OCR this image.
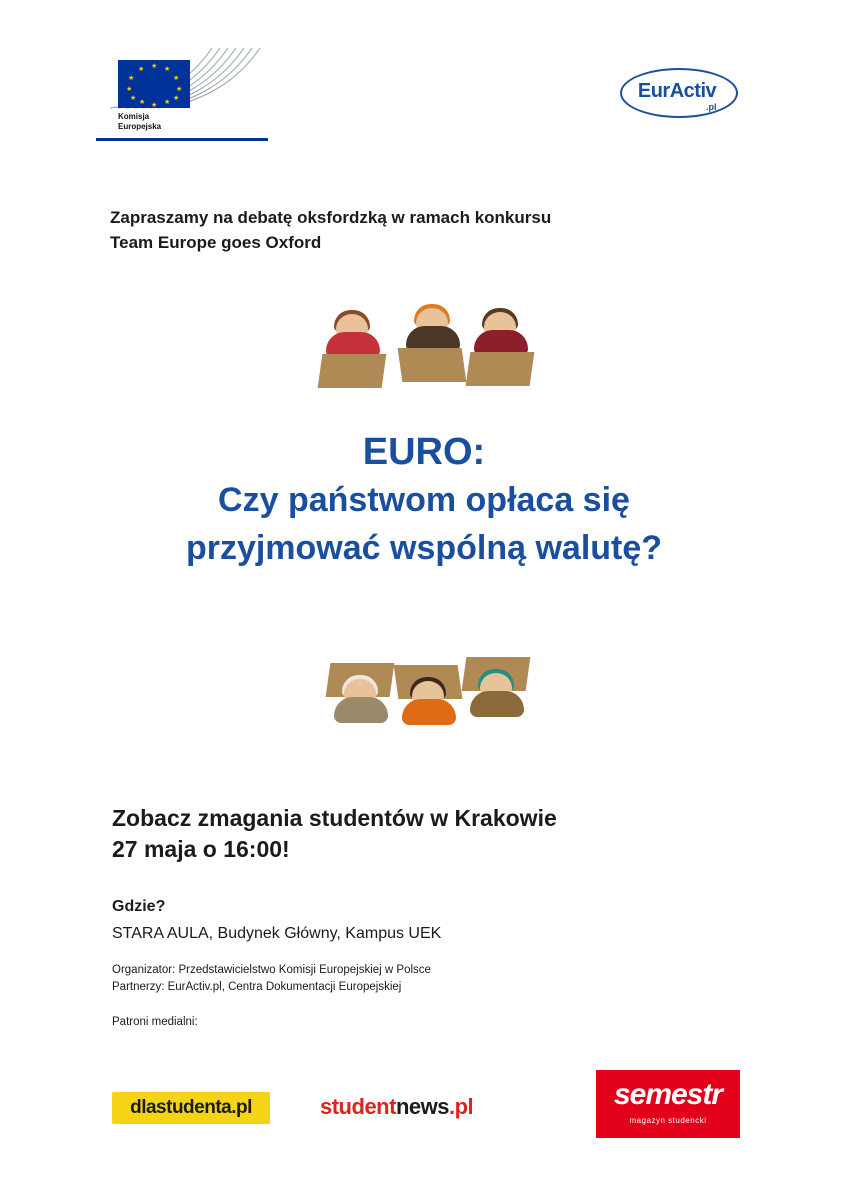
★ ★
★
★
★
★
★
★
★
★
★
★
Komisja
Europejska
EurActiv
.pl
Zapraszamy na debatę oksfordzką w ramach konkursu
Team Europe goes Oxford
EURO:
Czy państwom opłaca się
przyjmować wspólną walutę?
Zobacz zmagania studentów w Krakowie
27 maja o 16:00!
Gdzie?
STARA AULA, Budynek Główny, Kampus UEK
Organizator: Przedstawicielstwo Komisji Europejskiej w Polsce
Partnerzy: EurActiv.pl, Centra Dokumentacji Europejskiej
Patroni medialni:
dlastudenta.pl	studentnews.pl	semestr
magazyn studencki
